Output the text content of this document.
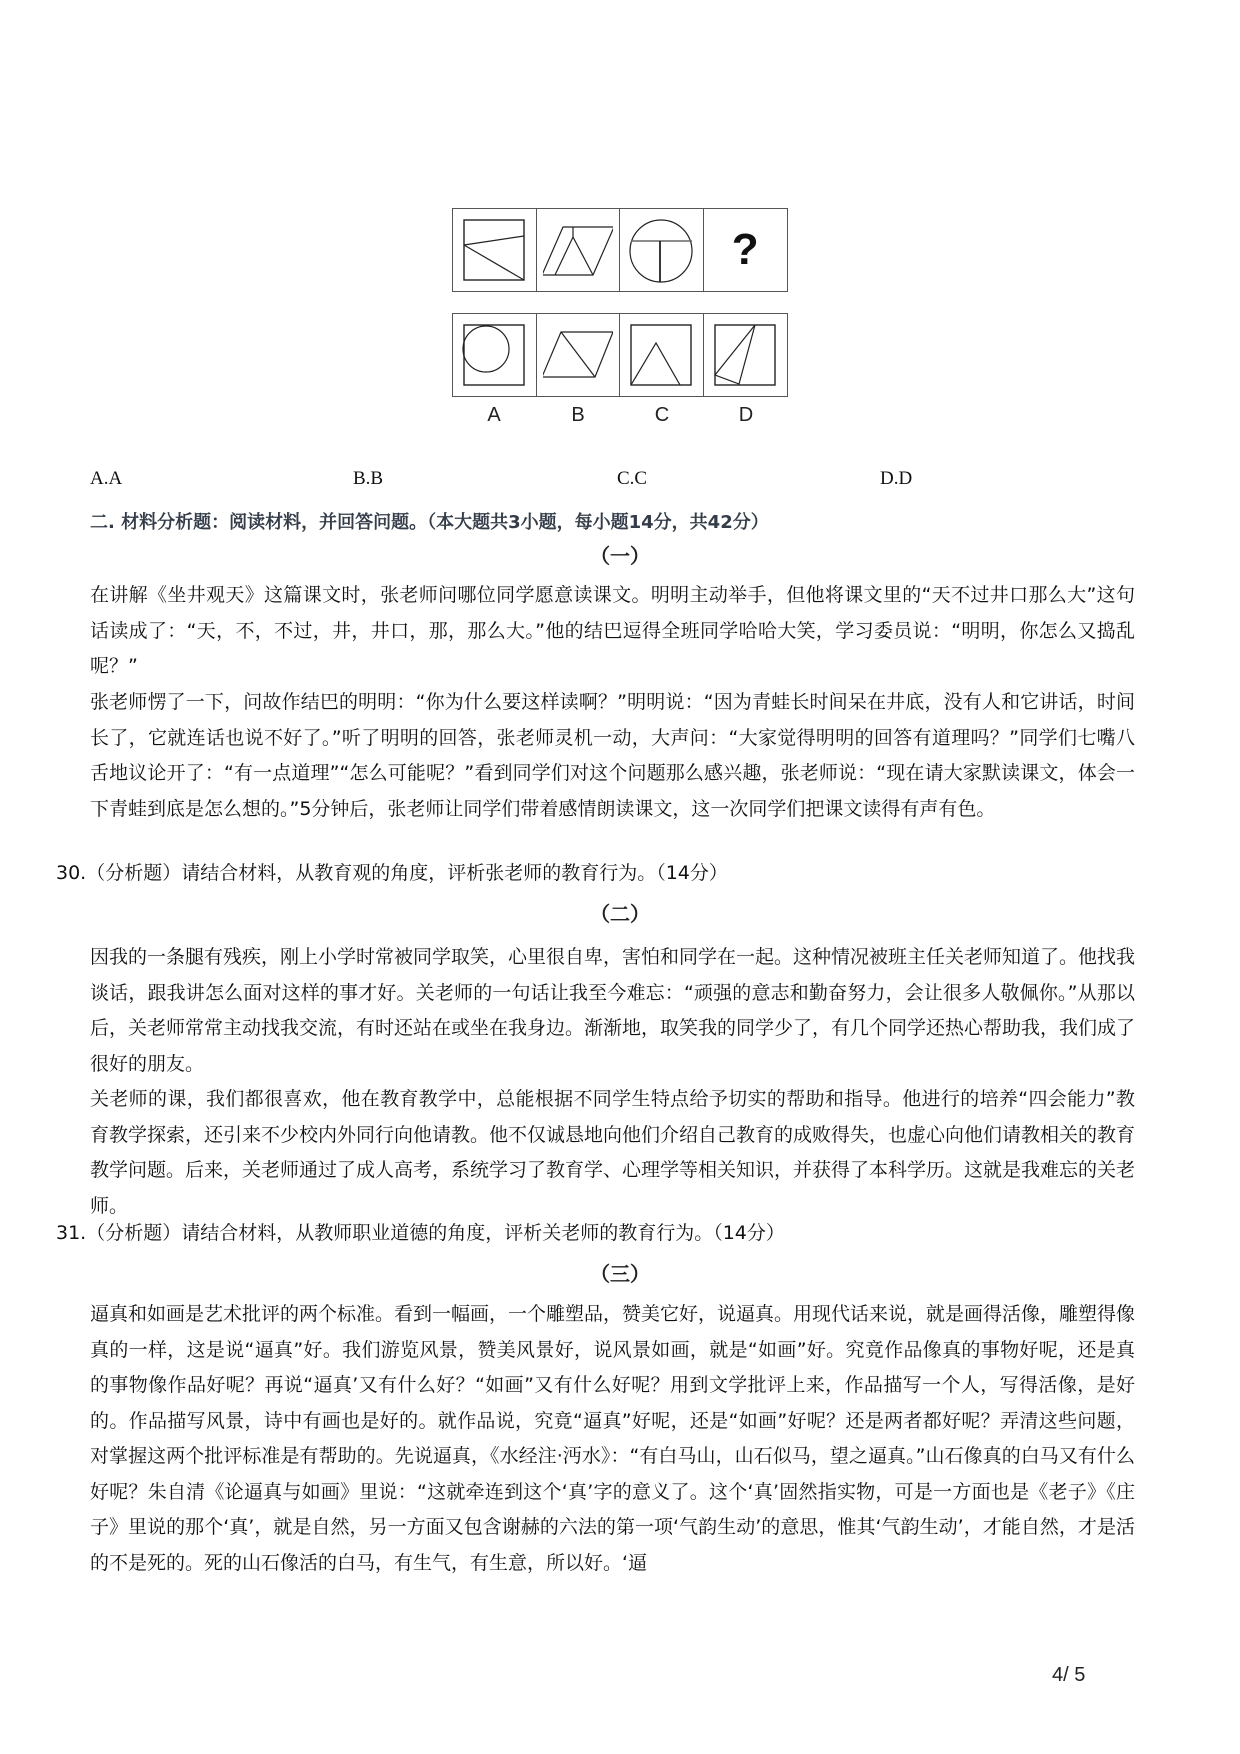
?
A	B	C	D
A.A	B.B	C.C	D.D
二. 材料分析题：阅读材料，并回答问题。（本大题共3小题，每小题14分，共42分）
（一）

在讲解《坐井观天》这篇课文时，张老师问哪位同学愿意读课文。明明主动举手，但他将课文里的“天不过井口那么大”这句话读成了：“天，不，不过，井，井口，那，那么大。”他的结巴逗得全班同学哈哈大笑，学习委员说：“明明，你怎么又捣乱呢？”

张老师愣了一下，问故作结巴的明明：“你为什么要这样读啊？”明明说：“因为青蛙长时间呆在井底，没有人和它讲话，时间长了，它就连话也说不好了。”听了明明的回答，张老师灵机一动，大声问：“大家觉得明明的回答有道理吗？”同学们七嘴八舌地议论开了：“有一点道理”“怎么可能呢？”看到同学们对这个问题那么感兴趣，张老师说：“现在请大家默读课文，体会一下青蛙到底是怎么想的。”5分钟后，张老师让同学们带着感情朗读课文，这一次同学们把课文读得有声有色。

30.（分析题）请结合材料，从教育观的角度，评析张老师的教育行为。（14分）
（二）

因我的一条腿有残疾，刚上小学时常被同学取笑，心里很自卑，害怕和同学在一起。这种情况被班主任关老师知道了。他找我谈话，跟我讲怎么面对这样的事才好。关老师的一句话让我至今难忘：“顽强的意志和勤奋努力，会让很多人敬佩你。”从那以后，关老师常常主动找我交流，有时还站在或坐在我身边。渐渐地，取笑我的同学少了，有几个同学还热心帮助我，我们成了很好的朋友。

关老师的课，我们都很喜欢，他在教育教学中，总能根据不同学生特点给予切实的帮助和指导。他进行的培养“四会能力”教育教学探索，还引来不少校内外同行向他请教。他不仅诚恳地向他们介绍自己教育的成败得失，也虚心向他们请教相关的教育教学问题。后来，关老师通过了成人高考，系统学习了教育学、心理学等相关知识，并获得了本科学历。这就是我难忘的关老师。

31.（分析题）请结合材料，从教师职业道德的角度，评析关老师的教育行为。（14分）
（三）

逼真和如画是艺术批评的两个标准。看到一幅画，一个雕塑品，赞美它好，说逼真。用现代话来说，就是画得活像，雕塑得像真的一样，这是说“逼真”好。我们游览风景，赞美风景好，说风景如画，就是“如画”好。究竟作品像真的事物好呢，还是真的事物像作品好呢？再说“逼真’又有什么好？“如画”又有什么好呢？用到文学批评上来，作品描写一个人，写得活像，是好的。作品描写风景，诗中有画也是好的。就作品说，究竟“逼真”好呢，还是“如画”好呢？还是两者都好呢？弄清这些问题，对掌握这两个批评标准是有帮助的。先说逼真，《水经注·沔水》：“有白马山，山石似马，望之逼真。”山石像真的白马又有什么好呢？朱自清《论逼真与如画》里说：“这就牵连到这个‘真’字的意义了。这个‘真’固然指实物，可是一方面也是《老子》《庄子》里说的那个‘真’，就是自然，另一方面又包含谢赫的六法的第一项‘气韵生动’的意思，惟其‘气韵生动’，才能自然，才是活的不是死的。死的山石像活的白马，有生气，有生意，所以好。‘逼

4/ 5
